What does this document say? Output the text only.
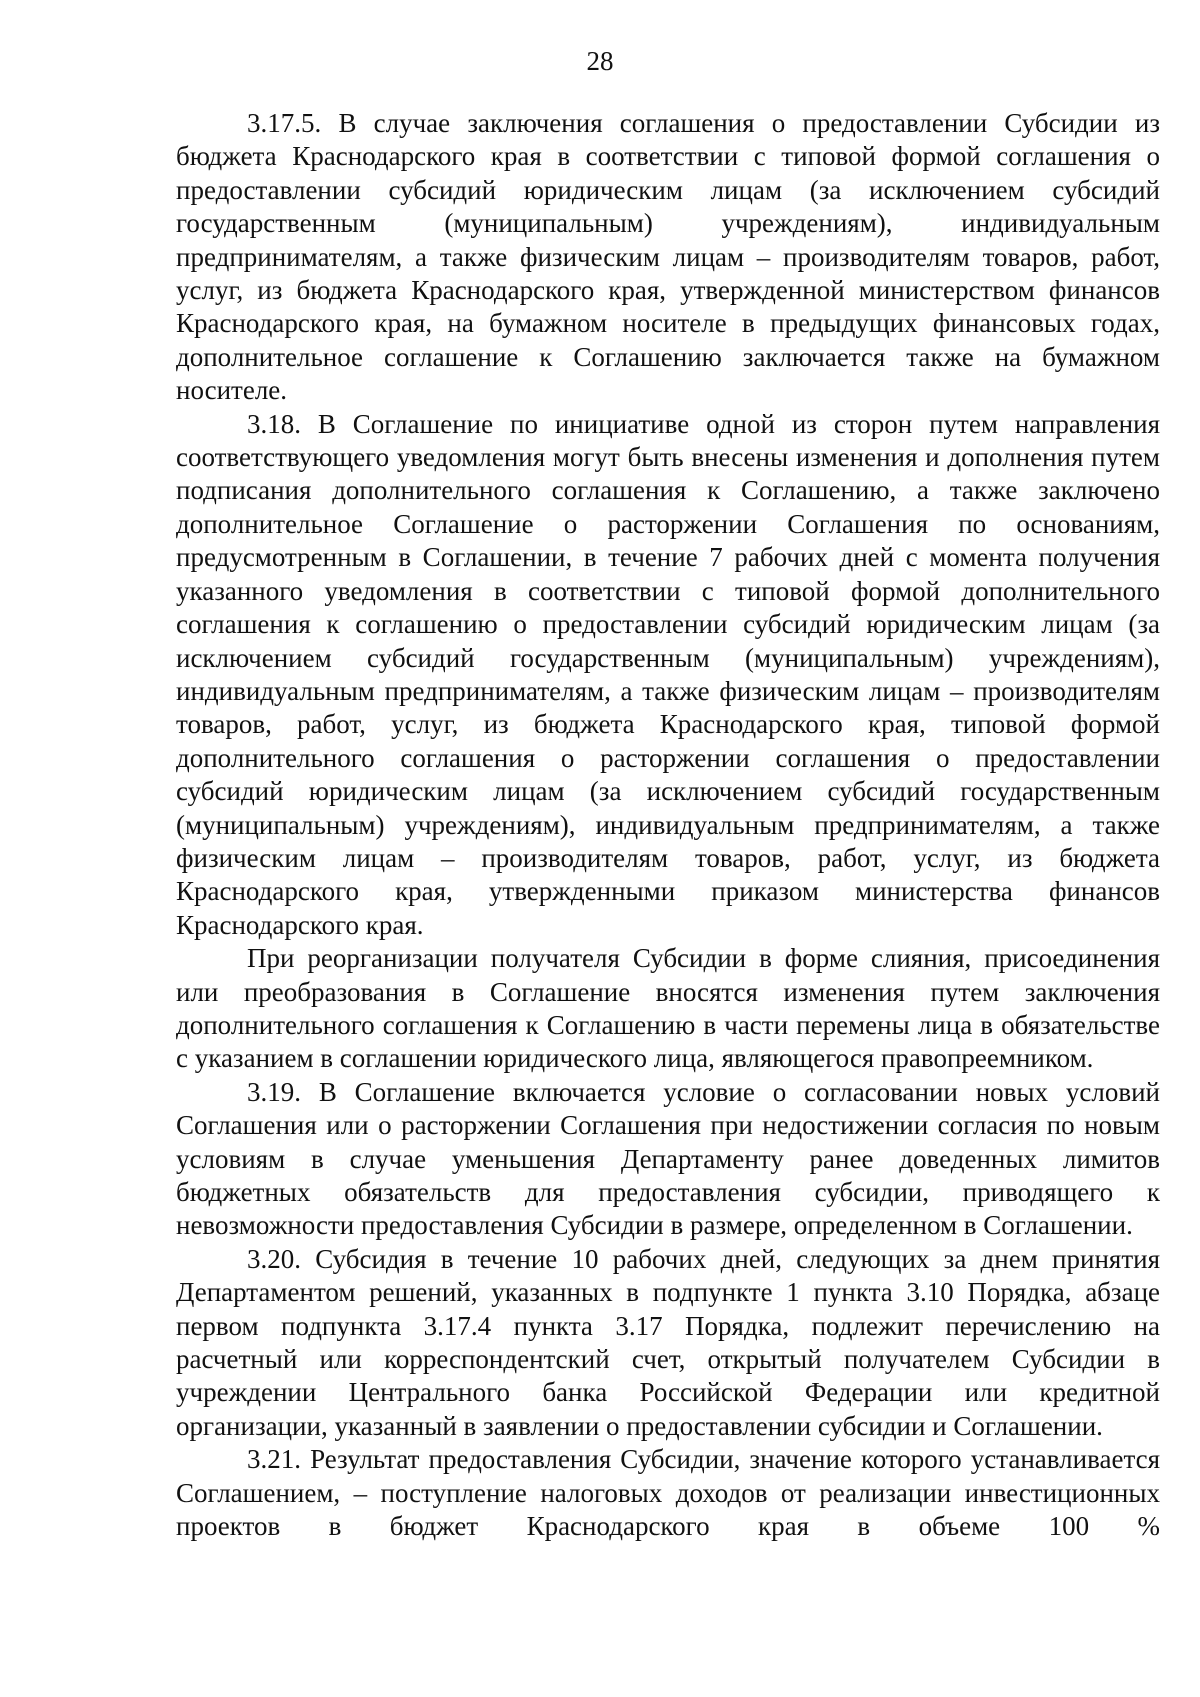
28

3.17.5. В случае заключения соглашения о предоставлении Субсидии из бюджета Краснодарского края в соответствии с типовой формой соглашения о предоставлении субсидий юридическим лицам (за исключением субсидий государственным (муниципальным) учреждениям), индивидуальным предпринимателям, а также физическим лицам – производителям товаров, работ, услуг, из бюджета Краснодарского края, утвержденной министерством финансов Краснодарского края, на бумажном носителе в предыдущих финансовых годах, дополнительное соглашение к Соглашению заключается также на бумажном носителе.

3.18. В Соглашение по инициативе одной из сторон путем направления соответствующего уведомления могут быть внесены изменения и дополнения путем подписания дополнительного соглашения к Соглашению, а также заключено дополнительное Соглашение о расторжении Соглашения по основаниям, предусмотренным в Соглашении, в течение 7 рабочих дней с момента получения указанного уведомления в соответствии с типовой формой дополнительного соглашения к соглашению о предоставлении субсидий юридическим лицам (за исключением субсидий государственным (муниципальным) учреждениям), индивидуальным предпринимателям, а также физическим лицам – производителям товаров, работ, услуг, из бюджета Краснодарского края, типовой формой дополнительного соглашения о расторжении соглашения о предоставлении субсидий юридическим лицам (за исключением субсидий государственным (муниципальным) учреждениям), индивидуальным предпринимателям, а также физическим лицам – производителям товаров, работ, услуг, из бюджета Краснодарского края, утвержденными приказом министерства финансов Краснодарского края.

При реорганизации получателя Субсидии в форме слияния, присоединения или преобразования в Соглашение вносятся изменения путем заключения дополнительного соглашения к Соглашению в части перемены лица в обязательстве с указанием в соглашении юридического лица, являющегося правопреемником.

3.19. В Соглашение включается условие о согласовании новых условий Соглашения или о расторжении Соглашения при недостижении согласия по новым условиям в случае уменьшения Департаменту ранее доведенных лимитов бюджетных обязательств для предоставления субсидии, приводящего к невозможности предоставления Субсидии в размере, определенном в Соглашении.

3.20. Субсидия в течение 10 рабочих дней, следующих за днем принятия Департаментом решений, указанных в подпункте 1 пункта 3.10 Порядка, абзаце первом подпункта 3.17.4 пункта 3.17 Порядка, подлежит перечислению на расчетный или корреспондентский счет, открытый получателем Субсидии в учреждении Центрального банка Российской Федерации или кредитной организации, указанный в заявлении о предоставлении субсидии и Соглашении.

3.21. Результат предоставления Субсидии, значение которого устанавливается Соглашением, – поступление налоговых доходов от реализации инвестиционных проектов в бюджет Краснодарского края в объеме 100 %
